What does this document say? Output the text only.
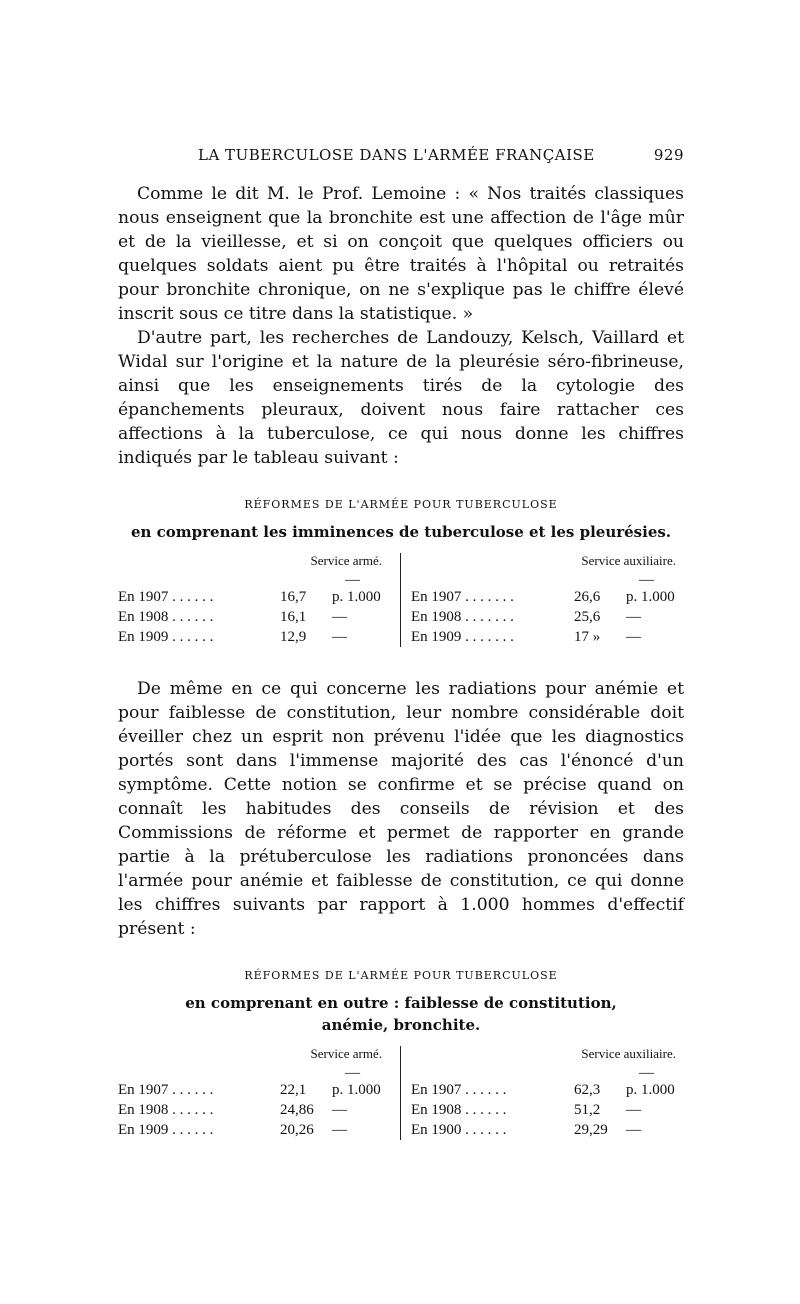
LA TUBERCULOSE DANS L'ARMÉE FRANÇAISE	929

Comme le dit M. le Prof. Lemoine : « Nos traités classiques nous enseignent que la bronchite est une affection de l'âge mûr et de la vieillesse, et si on conçoit que quelques officiers ou quelques soldats aient pu être traités à l'hôpital ou retraités pour bronchite chronique, on ne s'explique pas le chiffre élevé inscrit sous ce titre dans la statistique. »

D'autre part, les recherches de Landouzy, Kelsch, Vaillard et Widal sur l'origine et la nature de la pleurésie séro-fibrineuse, ainsi que les enseignements tirés de la cytologie des épanchements pleuraux, doivent nous faire rattacher ces affections à la tuberculose, ce qui nous donne les chiffres indiqués par le tableau suivant :

RÉFORMES DE L'ARMÉE POUR TUBERCULOSE
en comprenant les imminences de tuberculose et les pleurésies.
Service armé.
—
En 1907 . . . . . .	16,7	p. 1.000
En 1908 . . . . . .	16,1	—
En 1909 . . . . . .	12,9	—
Service auxiliaire.
—
En 1907 . . . . . . .	26,6	p. 1.000
En 1908 . . . . . . .	25,6	—
En 1909 . . . . . . .	17 »	—

De même en ce qui concerne les radiations pour anémie et pour faiblesse de constitution, leur nombre considérable doit éveiller chez un esprit non prévenu l'idée que les diagnostics portés sont dans l'immense majorité des cas l'énoncé d'un symptôme. Cette notion se confirme et se précise quand on connaît les habitudes des conseils de révision et des Commissions de réforme et permet de rapporter en grande partie à la prétuberculose les radiations prononcées dans l'armée pour anémie et faiblesse de constitution, ce qui donne les chiffres suivants par rapport à 1.000 hommes d'effectif présent :

RÉFORMES DE L'ARMÉE POUR TUBERCULOSE
en comprenant en outre : faiblesse de constitution,
anémie, bronchite.
Service armé.
—
En 1907 . . . . . .	22,1	p. 1.000
En 1908 . . . . . .	24,86	—
En 1909 . . . . . .	20,26	—
Service auxiliaire.
—
En 1907 . . . . . .	62,3	p. 1.000
En 1908 . . . . . .	51,2	—
En 1900 . . . . . .	29,29	—
